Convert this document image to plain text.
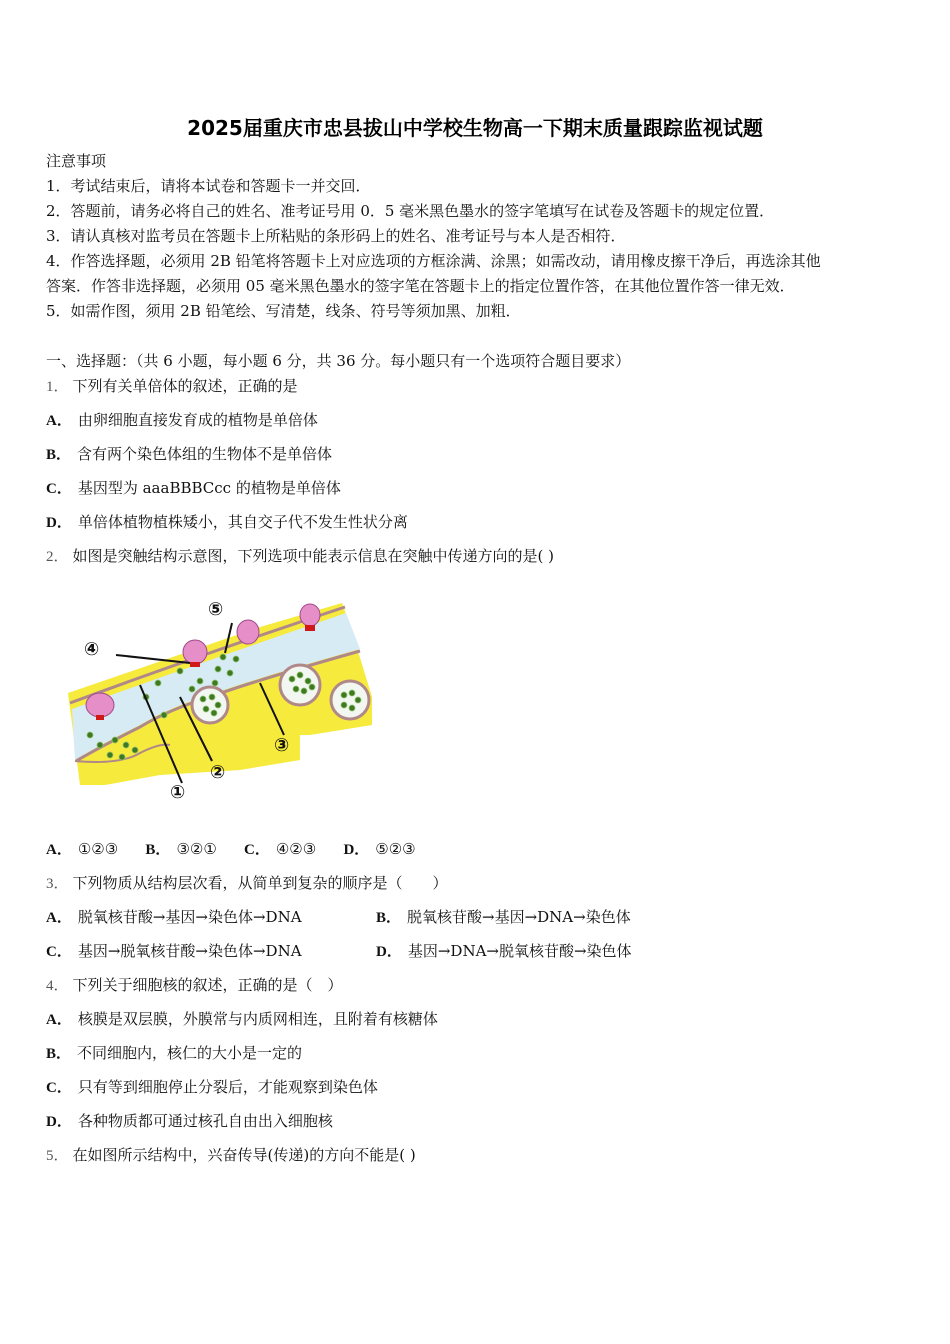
2025届重庆市忠县拔山中学校生物高一下期末质量跟踪监视试题
注意事项
1．考试结束后，请将本试卷和答题卡一并交回．
2．答题前，请务必将自己的姓名、准考证号用 0．5 毫米黑色墨水的签字笔填写在试卷及答题卡的规定位置．
3．请认真核对监考员在答题卡上所粘贴的条形码上的姓名、准考证号与本人是否相符．
4．作答选择题，必须用 2B 铅笔将答题卡上对应选项的方框涂满、涂黑；如需改动，请用橡皮擦干净后，再选涂其他
答案．作答非选择题，必须用 05 毫米黑色墨水的签字笔在答题卡上的指定位置作答，在其他位置作答一律无效．
5．如需作图，须用 2B 铅笔绘、写清楚，线条、符号等须加黑、加粗．
一、选择题：（共 6 小题，每小题 6 分，共 36 分。每小题只有一个选项符合题目要求）
1． 下列有关单倍体的叙述，正确的是
A． 由卵细胞直接发育成的植物是单倍体
B． 含有两个染色体组的生物体不是单倍体
C． 基因型为 aaaBBBCcc 的植物是单倍体
D． 单倍体植物植株矮小，其自交子代不发生性状分离
2． 如图是突触结构示意图，下列选项中能表示信息在突触中传递方向的是( )
④
⑤
①
②
③
A． ①②③ B． ③②① C． ④②③ D． ⑤②③
3． 下列物质从结构层次看，从简单到复杂的顺序是（　　）
A． 脱氧核苷酸→基因→染色体→DNA	B． 脱氧核苷酸→基因→DNA→染色体
C． 基因→脱氧核苷酸→染色体→DNA	D． 基因→DNA→脱氧核苷酸→染色体
4． 下列关于细胞核的叙述，正确的是（　）
A． 核膜是双层膜，外膜常与内质网相连，且附着有核糖体
B． 不同细胞内，核仁的大小是一定的
C． 只有等到细胞停止分裂后，才能观察到染色体
D． 各种物质都可通过核孔自由出入细胞核
5． 在如图所示结构中，兴奋传导(传递)的方向不能是( )
